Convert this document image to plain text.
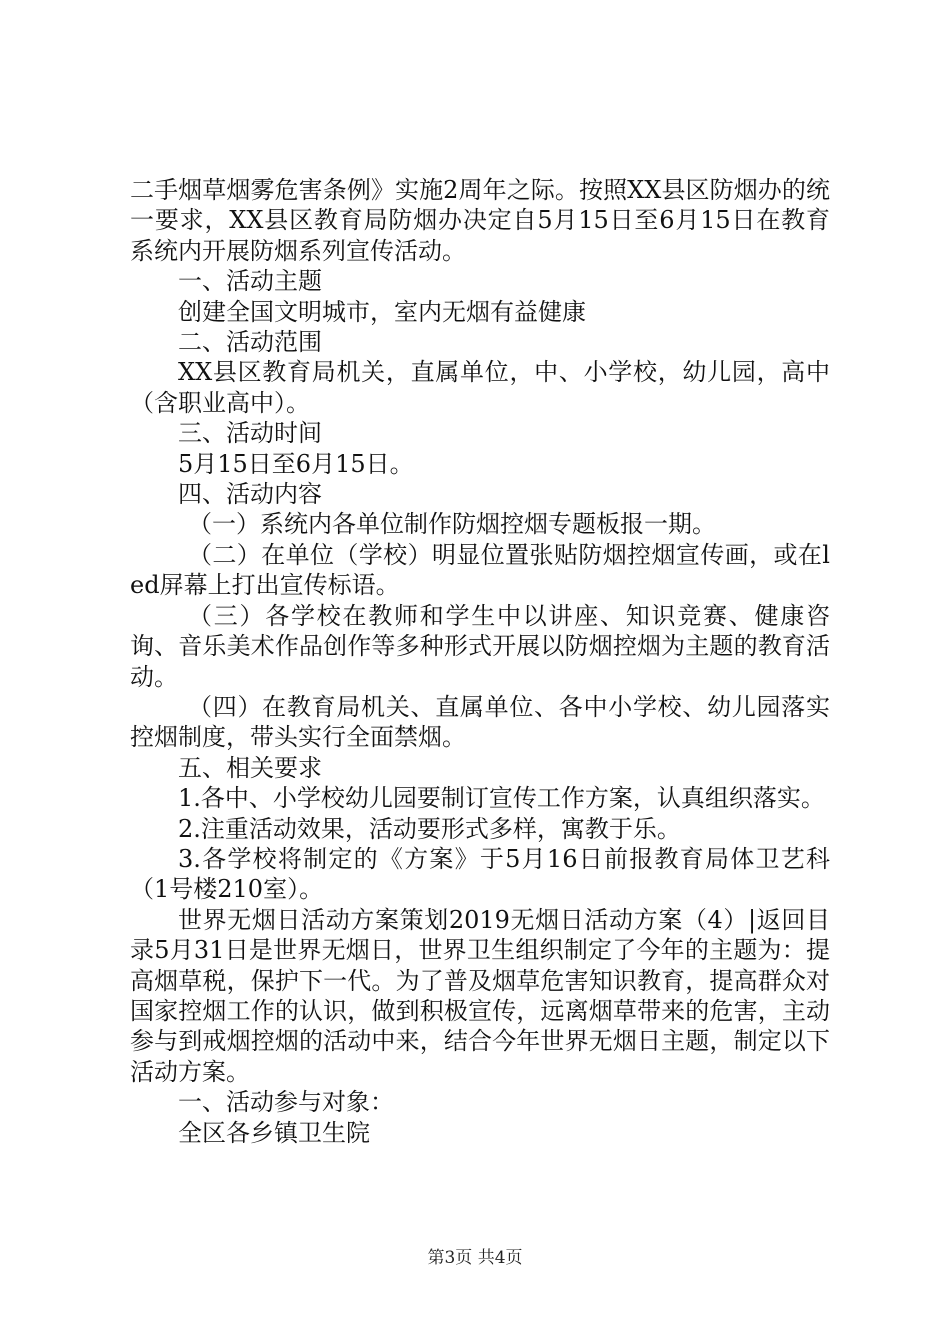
二手烟草烟雾危害条例》实施2周年之际。按照XX县区防烟办的统一要求，XX县区教育局防烟办决定自5月15日至6月15日在教育系统内开展防烟系列宣传活动。

一、活动主题

创建全国文明城市，室内无烟有益健康

二、活动范围

XX县区教育局机关，直属单位，中、小学校，幼儿园，高中（含职业高中）。

三、活动时间

5月15日至6月15日。

四、活动内容

（一）系统内各单位制作防烟控烟专题板报一期。

（二）在单位（学校）明显位置张贴防烟控烟宣传画，或在led屏幕上打出宣传标语。

（三）各学校在教师和学生中以讲座、知识竞赛、健康咨询、音乐美术作品创作等多种形式开展以防烟控烟为主题的教育活动。

（四）在教育局机关、直属单位、各中小学校、幼儿园落实控烟制度，带头实行全面禁烟。

五、相关要求

1.各中、小学校幼儿园要制订宣传工作方案，认真组织落实。

2.注重活动效果，活动要形式多样，寓教于乐。

3.各学校将制定的《方案》于5月16日前报教育局体卫艺科（1号楼210室）。

世界无烟日活动方案策划2019无烟日活动方案（4）|返回目录5月31日是世界无烟日，世界卫生组织制定了今年的主题为：提高烟草税，保护下一代。为了普及烟草危害知识教育，提高群众对国家控烟工作的认识，做到积极宣传，远离烟草带来的危害，主动参与到戒烟控烟的活动中来，结合今年世界无烟日主题，制定以下活动方案。

一、活动参与对象：

全区各乡镇卫生院

第3页 共4页
